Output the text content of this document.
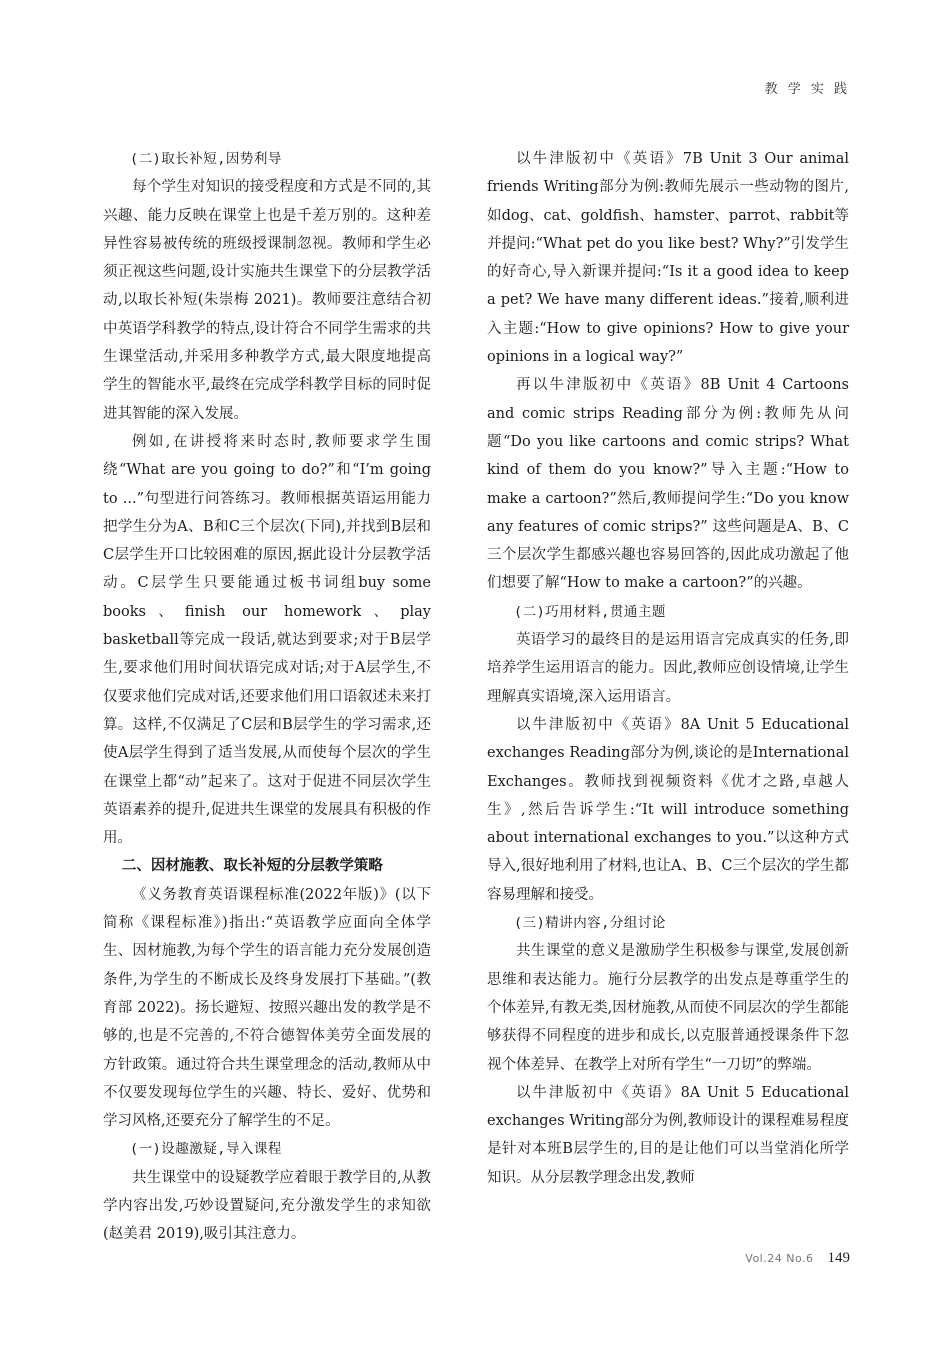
教 学 实 践

(二)取长补短,因势利导

每个学生对知识的接受程度和方式是不同的,其兴趣、能力反映在课堂上也是千差万别的。这种差异性容易被传统的班级授课制忽视。教师和学生必须正视这些问题,设计实施共生课堂下的分层教学活动,以取长补短(朱崇梅 2021)。教师要注意结合初中英语学科教学的特点,设计符合不同学生需求的共生课堂活动,并采用多种教学方式,最大限度地提高学生的智能水平,最终在完成学科教学目标的同时促进其智能的深入发展。

例如,在讲授将来时态时,教师要求学生围绕“What are you going to do?”和“I’m going to ...”句型进行问答练习。教师根据英语运用能力把学生分为A、B和C三个层次(下同),并找到B层和C层学生开口比较困难的原因,据此设计分层教学活动。C层学生只要能通过板书词组buy some books、finish our homework、play basketball等完成一段话,就达到要求;对于B层学生,要求他们用时间状语完成对话;对于A层学生,不仅要求他们完成对话,还要求他们用口语叙述未来打算。这样,不仅满足了C层和B层学生的学习需求,还使A层学生得到了适当发展,从而使每个层次的学生在课堂上都“动”起来了。这对于促进不同层次学生英语素养的提升,促进共生课堂的发展具有积极的作用。

二、因材施教、取长补短的分层教学策略

《义务教育英语课程标准(2022年版)》(以下简称《课程标准》)指出:“英语教学应面向全体学生、因材施教,为每个学生的语言能力充分发展创造条件,为学生的不断成长及终身发展打下基础。”(教育部 2022)。扬长避短、按照兴趣出发的教学是不够的,也是不完善的,不符合德智体美劳全面发展的方针政策。通过符合共生课堂理念的活动,教师从中不仅要发现每位学生的兴趣、特长、爱好、优势和学习风格,还要充分了解学生的不足。

(一)设趣激疑,导入课程

共生课堂中的设疑教学应着眼于教学目的,从教学内容出发,巧妙设置疑问,充分激发学生的求知欲(赵美君 2019),吸引其注意力。

以牛津版初中《英语》7B Unit 3 Our animal friends Writing部分为例:教师先展示一些动物的图片,如dog、cat、goldfish、hamster、parrot、rabbit等并提问:“What pet do you like best? Why?”引发学生的好奇心,导入新课并提问:“Is it a good idea to keep a pet? We have many different ideas.”接着,顺利进入主题:“How to give opinions? How to give your opinions in a logical way?”

再以牛津版初中《英语》8B Unit 4 Cartoons and comic strips Reading部分为例:教师先从问题“Do you like cartoons and comic strips? What kind of them do you know?”导入主题:“How to make a cartoon?”然后,教师提问学生:“Do you know any features of comic strips?” 这些问题是A、B、C三个层次学生都感兴趣也容易回答的,因此成功激起了他们想要了解“How to make a cartoon?”的兴趣。

(二)巧用材料,贯通主题

英语学习的最终目的是运用语言完成真实的任务,即培养学生运用语言的能力。因此,教师应创设情境,让学生理解真实语境,深入运用语言。

以牛津版初中《英语》8A Unit 5 Educational exchanges Reading部分为例,谈论的是International Exchanges。教师找到视频资料《优才之路,卓越人生》,然后告诉学生:“It will introduce something about international exchanges to you.”以这种方式导入,很好地利用了材料,也让A、B、C三个层次的学生都容易理解和接受。

(三)精讲内容,分组讨论

共生课堂的意义是激励学生积极参与课堂,发展创新思维和表达能力。施行分层教学的出发点是尊重学生的个体差异,有教无类,因材施教,从而使不同层次的学生都能够获得不同程度的进步和成长,以克服普通授课条件下忽视个体差异、在教学上对所有学生“一刀切”的弊端。

以牛津版初中《英语》8A Unit 5 Educational exchanges Writing部分为例,教师设计的课程难易程度是针对本班B层学生的,目的是让他们可以当堂消化所学知识。从分层教学理念出发,教师

Vol.24 No.6 149
